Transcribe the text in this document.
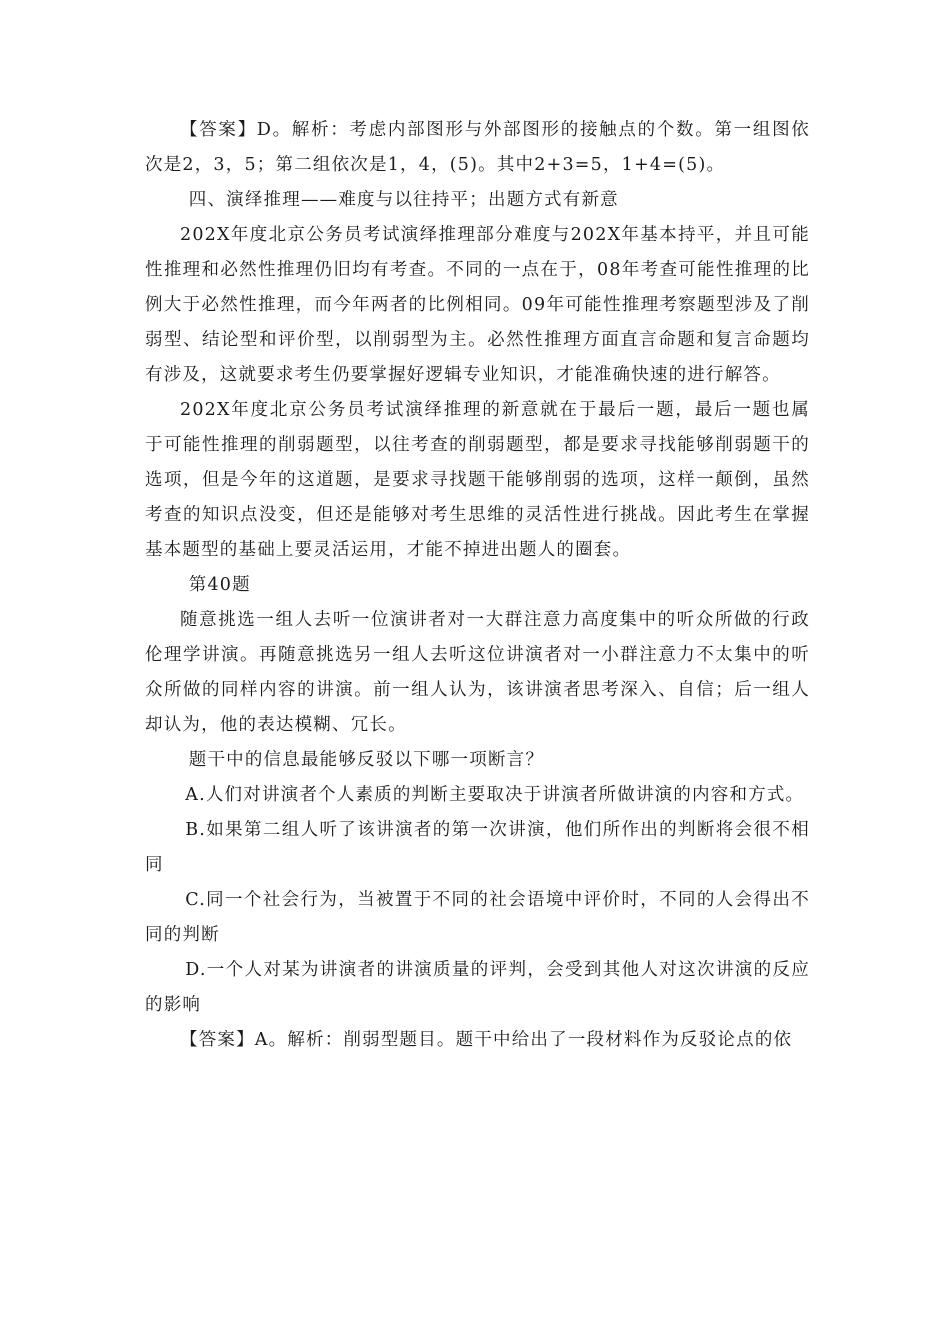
【答案】D。解析：考虑内部图形与外部图形的接触点的个数。第一组图依次是2，3，5；第二组依次是1，4，(5)。其中2+3=5，1+4=(5)。

四、演绎推理——难度与以往持平；出题方式有新意

202X年度北京公务员考试演绎推理部分难度与202X年基本持平，并且可能性推理和必然性推理仍旧均有考查。不同的一点在于，08年考查可能性推理的比例大于必然性推理，而今年两者的比例相同。09年可能性推理考察题型涉及了削弱型、结论型和评价型，以削弱型为主。必然性推理方面直言命题和复言命题均有涉及，这就要求考生仍要掌握好逻辑专业知识，才能准确快速的进行解答。

202X年度北京公务员考试演绎推理的新意就在于最后一题，最后一题也属于可能性推理的削弱题型，以往考查的削弱题型，都是要求寻找能够削弱题干的选项，但是今年的这道题，是要求寻找题干能够削弱的选项，这样一颠倒，虽然考查的知识点没变，但还是能够对考生思维的灵活性进行挑战。因此考生在掌握基本题型的基础上要灵活运用，才能不掉进出题人的圈套。

第40题

随意挑选一组人去听一位演讲者对一大群注意力高度集中的听众所做的行政伦理学讲演。再随意挑选另一组人去听这位讲演者对一小群注意力不太集中的听众所做的同样内容的讲演。前一组人认为，该讲演者思考深入、自信；后一组人却认为，他的表达模糊、冗长。

题干中的信息最能够反驳以下哪一项断言？

A.人们对讲演者个人素质的判断主要取决于讲演者所做讲演的内容和方式。

B.如果第二组人听了该讲演者的第一次讲演，他们所作出的判断将会很不相同

C.同一个社会行为，当被置于不同的社会语境中评价时，不同的人会得出不同的判断

D.一个人对某为讲演者的讲演质量的评判，会受到其他人对这次讲演的反应的影响

【答案】A。解析：削弱型题目。题干中给出了一段材料作为反驳论点的依
